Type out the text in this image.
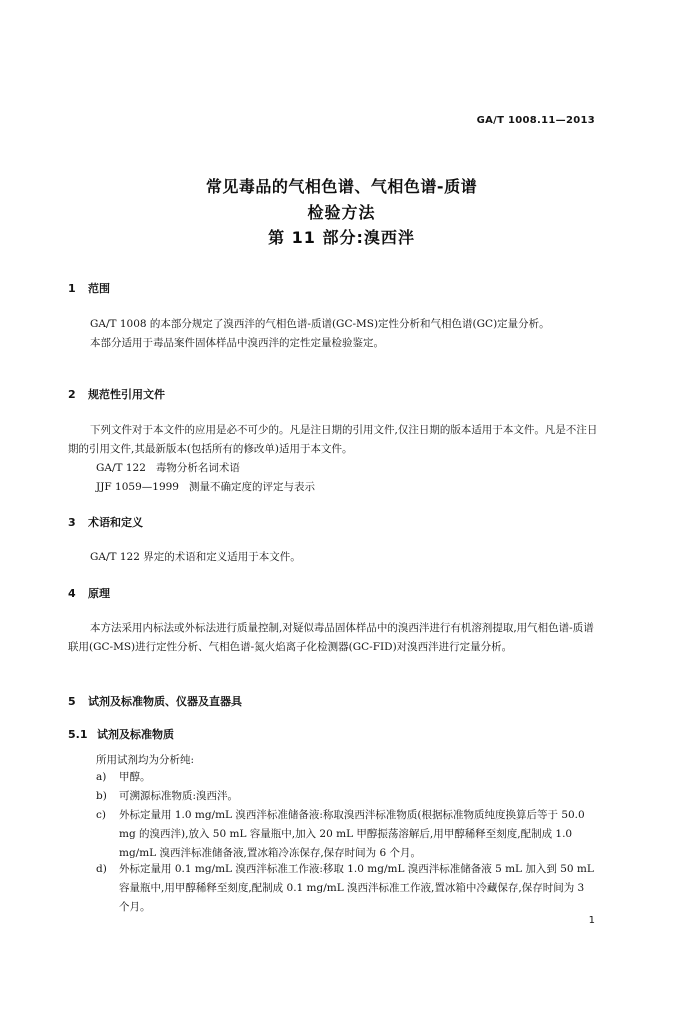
GA/T 1008.11—2013
常见毒品的气相色谱、气相色谱-质谱
检验方法
第 11 部分:溴西泮
1 范围

GA/T 1008 的本部分规定了溴西泮的气相色谱-质谱(GC-MS)定性分析和气相色谱(GC)定量分析。

本部分适用于毒品案件固体样品中溴西泮的定性定量检验鉴定。

2 规范性引用文件

下列文件对于本文件的应用是必不可少的。凡是注日期的引用文件,仅注日期的版本适用于本文件。凡是不注日期的引用文件,其最新版本(包括所有的修改单)适用于本文件。

GA/T 122 毒物分析名词术语
JJF 1059—1999 测量不确定度的评定与表示
3 术语和定义

GA/T 122 界定的术语和定义适用于本文件。

4 原理

本方法采用内标法或外标法进行质量控制,对疑似毒品固体样品中的溴西泮进行有机溶剂提取,用气相色谱-质谱联用(GC-MS)进行定性分析、气相色谱-氮火焰离子化检测器(GC-FID)对溴西泮进行定量分析。

5 试剂及标准物质、仪器及直器具
5.1 试剂及标准物质
所用试剂均为分析纯:
a)	甲醇。
b)	可溯源标准物质:溴西泮。
c)	外标定量用 1.0 mg/mL 溴西泮标准储备液:称取溴西泮标准物质(根据标准物质纯度换算后等于 50.0 mg 的溴西泮),放入 50 mL 容量瓶中,加入 20 mL 甲醇振荡溶解后,用甲醇稀释至刻度,配制成 1.0 mg/mL 溴西泮标准储备液,置冰箱冷冻保存,保存时间为 6 个月。
d)	外标定量用 0.1 mg/mL 溴西泮标准工作液:移取 1.0 mg/mL 溴西泮标准储备液 5 mL 加入到 50 mL 容量瓶中,用甲醇稀释至刻度,配制成 0.1 mg/mL 溴西泮标准工作液,置冰箱中冷藏保存,保存时间为 3 个月。
1
